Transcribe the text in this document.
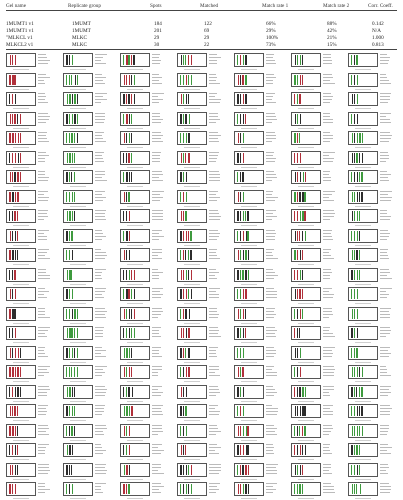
Gel name	Replicate group	Spots	Matched	Match rate 1	Match rate 2	Corr. Coeff.
1MUMT1 v1	1MUMT	184	122	66%	88%	0.142
1MUMT1 v1	1MUMT	201	69	29%	42%	N/A
"MLKCL v1	MLKC	29	29	100%	21%	1.000
MLKCL2 v1	MLKC	30	22	73%	15%	0.813
